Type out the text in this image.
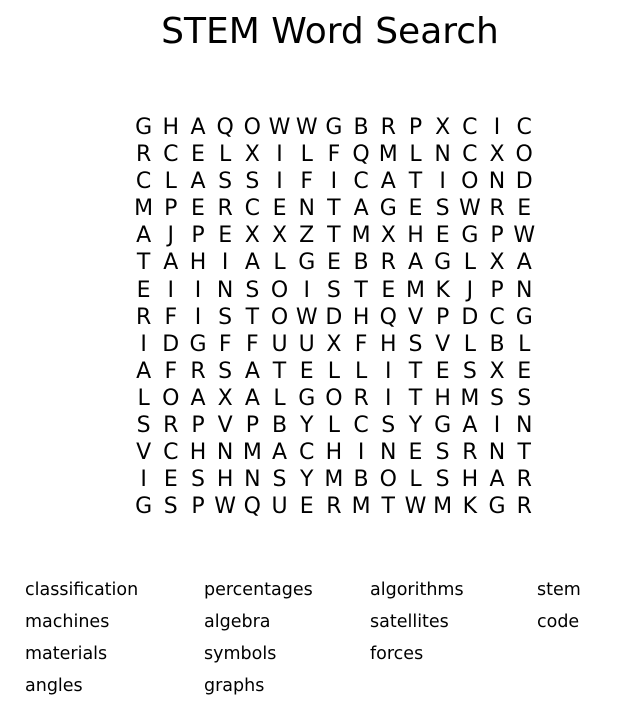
STEM Word Search
G H A Q O W W G B R P X C I C
R C E L X I L F Q M L N C X O
C L A S S I F I C A T I O N D
M P E R C E N T A G E S W R E
A J P E X X Z T M X H E G P W
T A H I A L G E B R A G L X A
E I I N S O I S T E M K J P N
R F I S T O W D H Q V P D C G
I D G F F U U X F H S V L B L
A F R S A T E L L I T E S X E
L O A X A L G O R I T H M S S
S R P V P B Y L C S Y G A I N
V C H N M A C H I N E S R N T
I E S H N S Y M B O L S H A R
G S P W Q U E R M T W M K G R
classification
machines
materials
angles
percentages
algebra
symbols
graphs
algorithms
satellites
forces
stem
code
